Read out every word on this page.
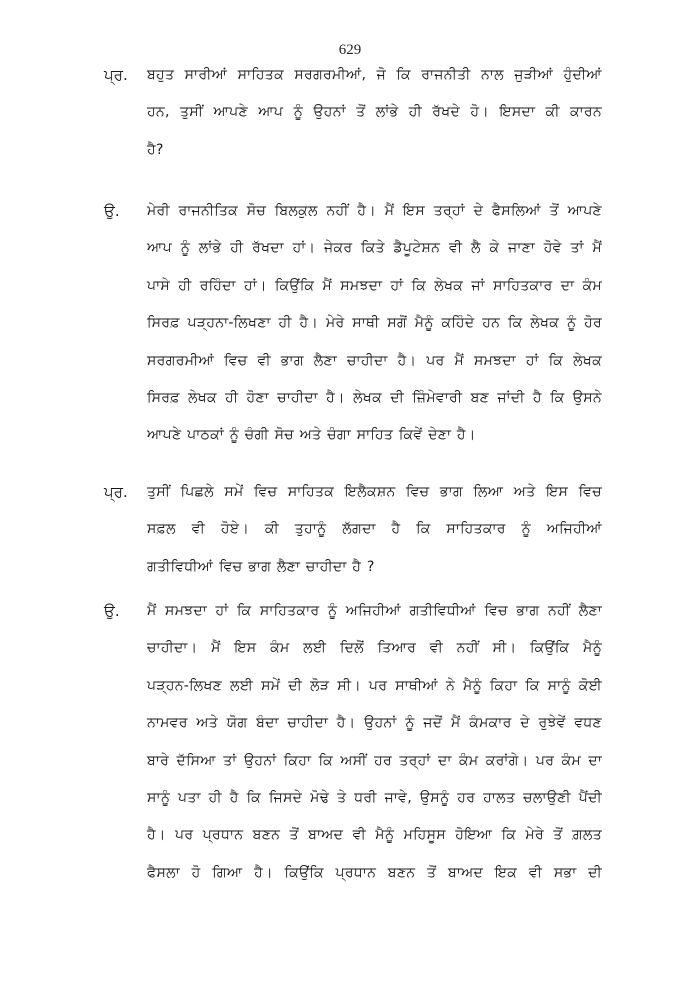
629
ਪ੍ਰ. ਬਹੁਤ ਸਾਰੀਆਂ ਸਾਹਿਤਕ ਸਰਗਰਮੀਆਂ, ਜੋ ਕਿ ਰਾਜਨੀਤੀ ਨਾਲ ਜੁੜੀਆਂ ਹੁੰਦੀਆਂ
ਹਨ, ਤੁਸੀਂ ਆਪਣੇ ਆਪ ਨੂੰ ਉਹਨਾਂ ਤੋਂ ਲਾਂਭੇ ਹੀ ਰੱਖਦੇ ਹੋ। ਇਸਦਾ ਕੀ ਕਾਰਨ
ਹੈ?
ਉ. ਮੇਰੀ ਰਾਜਨੀਤਿਕ ਸੋਚ ਬਿਲਕੁਲ ਨਹੀਂ ਹੈ। ਮੈਂ ਇਸ ਤਰ੍ਹਾਂ ਦੇ ਫੈਸਲਿਆਂ ਤੋਂ ਆਪਣੇ
ਆਪ ਨੂੰ ਲਾਂਭੇ ਹੀ ਰੱਖਦਾ ਹਾਂ। ਜੇਕਰ ਕਿਤੇ ਡੈਪੂਟੇਸ਼ਨ ਵੀ ਲੈ ਕੇ ਜਾਣਾ ਹੋਵੇ ਤਾਂ ਮੈਂ
ਪਾਸੇ ਹੀ ਰਹਿੰਦਾ ਹਾਂ। ਕਿਉਂਕਿ ਮੈਂ ਸਮਝਦਾ ਹਾਂ ਕਿ ਲੇਖਕ ਜਾਂ ਸਾਹਿਤਕਾਰ ਦਾ ਕੰਮ
ਸਿਰਫ਼ ਪੜ੍ਹਨਾ-ਲਿਖਣਾ ਹੀ ਹੈ। ਮੇਰੇ ਸਾਥੀ ਸਗੋਂ ਮੈਨੂੰ ਕਹਿੰਦੇ ਹਨ ਕਿ ਲੇਖਕ ਨੂੰ ਹੋਰ
ਸਰਗਰਮੀਆਂ ਵਿਚ ਵੀ ਭਾਗ ਲੈਣਾ ਚਾਹੀਦਾ ਹੈ। ਪਰ ਮੈਂ ਸਮਝਦਾ ਹਾਂ ਕਿ ਲੇਖਕ
ਸਿਰਫ਼ ਲੇਖਕ ਹੀ ਹੋਣਾ ਚਾਹੀਦਾ ਹੈ। ਲੇਖਕ ਦੀ ਜ਼ਿੰਮੇਵਾਰੀ ਬਣ ਜਾਂਦੀ ਹੈ ਕਿ ਉਸਨੇ
ਆਪਣੇ ਪਾਠਕਾਂ ਨੂੰ ਚੰਗੀ ਸੋਚ ਅਤੇ ਚੰਗਾ ਸਾਹਿਤ ਕਿਵੇਂ ਦੇਣਾ ਹੈ।
ਪ੍ਰ. ਤੁਸੀਂ ਪਿਛਲੇ ਸਮੇਂ ਵਿਚ ਸਾਹਿਤਕ ਇਲੈਕਸ਼ਨ ਵਿਚ ਭਾਗ ਲਿਆ ਅਤੇ ਇਸ ਵਿਚ
ਸਫ਼ਲ ਵੀ ਹੋਏ। ਕੀ ਤੁਹਾਨੂੰ ਲੱਗਦਾ ਹੈ ਕਿ ਸਾਹਿਤਕਾਰ ਨੂੰ ਅਜਿਹੀਆਂ
ਗਤੀਵਿਧੀਆਂ ਵਿਚ ਭਾਗ ਲੈਣਾ ਚਾਹੀਦਾ ਹੈ ?
ਉ. ਮੈਂ ਸਮਝਦਾ ਹਾਂ ਕਿ ਸਾਹਿਤਕਾਰ ਨੂੰ ਅਜਿਹੀਆਂ ਗਤੀਵਿਧੀਆਂ ਵਿਚ ਭਾਗ ਨਹੀਂ ਲੈਣਾ
ਚਾਹੀਦਾ। ਮੈਂ ਇਸ ਕੰਮ ਲਈ ਦਿਲੋਂ ਤਿਆਰ ਵੀ ਨਹੀਂ ਸੀ। ਕਿਉਂਕਿ ਮੈਨੂੰ
ਪੜ੍ਹਨ-ਲਿਖਣ ਲਈ ਸਮੇਂ ਦੀ ਲੋੜ ਸੀ। ਪਰ ਸਾਥੀਆਂ ਨੇ ਮੈਨੂੰ ਕਿਹਾ ਕਿ ਸਾਨੂੰ ਕੋਈ
ਨਾਮਵਰ ਅਤੇ ਯੋਗ ਬੰਦਾ ਚਾਹੀਦਾ ਹੈ। ਉਹਨਾਂ ਨੂੰ ਜਦੋਂ ਮੈਂ ਕੰਮਕਾਰ ਦੇ ਰੁਝੇਵੇਂ ਵਧਣ
ਬਾਰੇ ਦੱਸਿਆ ਤਾਂ ਉਹਨਾਂ ਕਿਹਾ ਕਿ ਅਸੀਂ ਹਰ ਤਰ੍ਹਾਂ ਦਾ ਕੰਮ ਕਰਾਂਗੇ। ਪਰ ਕੰਮ ਦਾ
ਸਾਨੂੰ ਪਤਾ ਹੀ ਹੈ ਕਿ ਜਿਸਦੇ ਮੋਢੇ ਤੇ ਧਰੀ ਜਾਵੇ, ਉਸਨੂੰ ਹਰ ਹਾਲਤ ਚਲਾਉਣੀ ਪੈਂਦੀ
ਹੈ। ਪਰ ਪ੍ਰਧਾਨ ਬਣਨ ਤੋਂ ਬਾਅਦ ਵੀ ਮੈਨੂੰ ਮਹਿਸੂਸ ਹੋਇਆ ਕਿ ਮੇਰੇ ਤੋਂ ਗ਼ਲਤ
ਫੈਸਲਾ ਹੋ ਗਿਆ ਹੈ। ਕਿਉਂਕਿ ਪ੍ਰਧਾਨ ਬਣਨ ਤੋਂ ਬਾਅਦ ਇਕ ਵੀ ਸਭਾ ਦੀ
